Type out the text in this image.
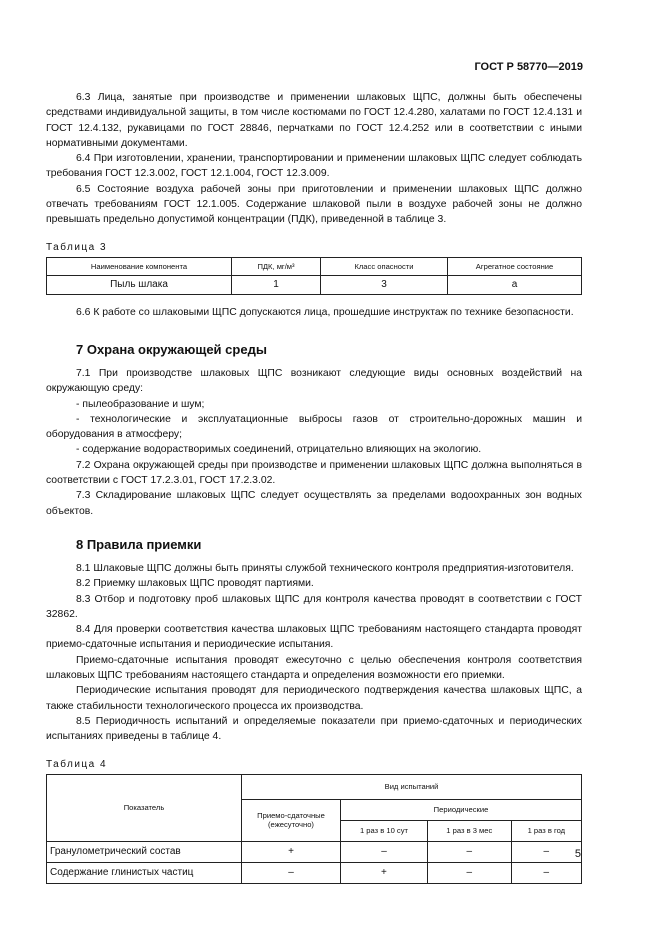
ГОСТ Р 58770—2019

6.3 Лица, занятые при производстве и применении шлаковых ЩПС, должны быть обеспечены средствами индивидуальной защиты, в том числе костюмами по ГОСТ 12.4.280, халатами по ГОСТ 12.4.131 и ГОСТ 12.4.132, рукавицами по ГОСТ 28846, перчатками по ГОСТ 12.4.252 или в соответствии с иными нормативными документами.

6.4 При изготовлении, хранении, транспортировании и применении шлаковых ЩПС следует соблюдать требования ГОСТ 12.3.002, ГОСТ 12.1.004, ГОСТ 12.3.009.

6.5 Состояние воздуха рабочей зоны при приготовлении и применении шлаковых ЩПС должно отвечать требованиям ГОСТ 12.1.005. Содержание шлаковой пыли в воздухе рабочей зоны не должно превышать предельно допустимой концентрации (ПДК), приведенной в таблице 3.

Таблица 3
Наименование компонента	ПДК, мг/м³	Класс опасности	Агрегатное состояние
Пыль шлака	1	3	а

6.6 К работе со шлаковыми ЩПС допускаются лица, прошедшие инструктаж по технике безопасности.

7 Охрана окружающей среды

7.1 При производстве шлаковых ЩПС возникают следующие виды основных воздействий на окружающую среду:

- пылеобразование и шум;

- технологические и эксплуатационные выбросы газов от строительно-дорожных машин и оборудования в атмосферу;

- содержание водорастворимых соединений, отрицательно влияющих на экологию.

7.2 Охрана окружающей среды при производстве и применении шлаковых ЩПС должна выполняться в соответствии с ГОСТ 17.2.3.01, ГОСТ 17.2.3.02.

7.3 Складирование шлаковых ЩПС следует осуществлять за пределами водоохранных зон водных объектов.

8 Правила приемки

8.1 Шлаковые ЩПС должны быть приняты службой технического контроля предприятия-изготовителя.

8.2 Приемку шлаковых ЩПС проводят партиями.

8.3 Отбор и подготовку проб шлаковых ЩПС для контроля качества проводят в соответствии с ГОСТ 32862.

8.4 Для проверки соответствия качества шлаковых ЩПС требованиям настоящего стандарта проводят приемо-сдаточные испытания и периодические испытания.

Приемо-сдаточные испытания проводят ежесуточно с целью обеспечения контроля соответствия шлаковых ЩПС требованиям настоящего стандарта и определения возможности его приемки.

Периодические испытания проводят для периодического подтверждения качества шлаковых ЩПС, а также стабильности технологического процесса их производства.

8.5 Периодичность испытаний и определяемые показатели при приемо-сдаточных и периодических испытаниях приведены в таблице 4.

Таблица 4
Показатель	Вид испытаний			
	Приемо-сдаточные (ежесуточно)	Периодические		
		1 раз в 10 сут	1 раз в 3 мес	1 раз в год
Гранулометрический состав	+	–	–	–
Содержание глинистых частиц	–	+	–	–
5
